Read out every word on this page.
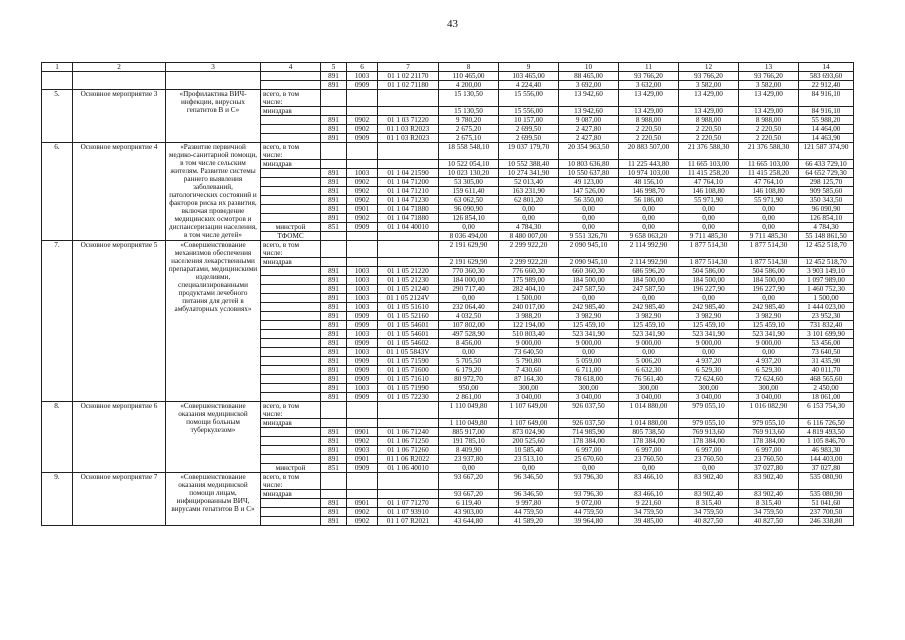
43
1	2	3	4	5	6	7	8	9	10	11	12	13	14
				891	1003	01 1 02 21170	110 465,00	103 465,00	88 465,00	93 766,20	93 766,20	93 766,20	583 693,60
				891	0909	01 1 02 71180	4 200,00	4 224,40	3 692,00	3 632,00	3 582,00	3 582,00	22 912,40
5.	Основное мероприятие 3	«Профилактика ВИЧ-инфекции, вирусных гепатитов В и С»	всего, в том числе:				15 130,50	15 556,00	13 942,60	13 429,00	13 429,00	13 429,00	84 916,10
			минздрав				15 130,50	15 556,00	13 942,60	13 429,00	13 429,00	13 429,00	84 916,10
				891	0902	01 1 03 71220	9 780,20	10 157,00	9 087,00	8 988,00	8 988,00	8 988,00	55 988,20
				891	0902	01 1 03 R2023	2 675,20	2 699,50	2 427,80	2 220,50	2 220,50	2 220,50	14 464,00
				891	0909	01 1 03 R2023	2 675,10	2 699,50	2 427,80	2 220,50	2 220,50	2 220,50	14 463,90
6.	Основное мероприятие 4	«Развитие первичной медико-санитарной помощи, в том числе сельским жителям. Развитие системы раннего выявления заболеваний, патологических состояний и факторов риска их развития, включая проведение медицинских осмотров и диспансеризации населения, в том числе детей»	всего, в том числе:				18 558 548,10	19 037 179,70	20 354 963,50	20 883 507,00	21 376 588,30	21 376 588,30	121 587 374,90
			минздрав				10 522 054,10	10 552 388,40	10 803 636,80	11 225 443,80	11 665 103,00	11 665 103,00	66 433 729,10
				891	1003	01 1 04 21590	10 023 130,20	10 274 341,90	10 550 637,80	10 974 103,00	11 415 258,20	11 415 258,20	64 652 729,30
				891	0902	01 1 04 71200	53 305,00	52 013,40	49 123,00	48 156,10	47 764,10	47 764,10	298 125,70
				891	0902	01 1 04 71210	159 611,40	163 231,90	147 526,00	146 998,70	146 108,80	146 108,80	909 585,60
				891	0902	01 1 04 71230	63 062,50	62 801,20	56 350,00	56 186,00	55 971,90	55 971,90	350 343,50
				891	0901	01 1 04 71880	96 090,90	0,00	0,00	0,00	0,00	0,00	96 090,90
				891	0902	01 1 04 71880	126 854,10	0,00	0,00	0,00	0,00	0,00	126 854,10
			минстрой	851	0909	01 1 04 40010	0,00	4 784,30	0,00	0,00	0,00	0,00	4 784,30
			ТФОМС				8 036 494,00	8 480 007,00	9 551 326,70	9 658 063,20	9 711 485,30	9 711 485,30	55 148 861,50
7.	Основное мероприятие 5	«Совершенствование механизмов обеспечения населения лекарственными препаратами, медицинскими изделиями, специализированными продуктами лечебного питания для детей в амбулаторных условиях»	всего, в том числе:				2 191 629,90	2 299 922,20	2 090 945,10	2 114 992,90	1 877 514,30	1 877 514,30	12 452 518,70
			минздрав				2 191 629,90	2 299 922,20	2 090 945,10	2 114 992,90	1 877 514,30	1 877 514,30	12 452 518,70
				891	1003	01 1 05 21220	770 360,30	776 660,30	660 360,30	686 596,20	504 586,00	504 586,00	3 903 149,10
				891	1003	01 1 05 21230	184 000,00	175 989,00	184 500,00	184 500,00	184 500,00	184 500,00	1 097 989,00
				891	1003	01 1 05 21240	290 717,40	282 404,10	247 587,50	247 587,50	196 227,90	196 227,90	1 460 752,30
				891	1003	01 1 05 2124V	0,00	1 500,00	0,00	0,00	0,00	0,00	1 500,00
				891	1003	01 1 05 51610	232 064,40	240 017,00	242 985,40	242 985,40	242 985,40	242 985,40	1 444 023,00
				891	0909	01 1 05 52160	4 032,50	3 988,20	3 982,90	3 982,90	3 982,90	3 982,90	23 952,30
				891	0909	01 1 05 54601	107 802,00	122 194,00	125 459,10	125 459,10	125 459,10	125 459,10	731 832,40
				891	1003	01 1 05 54601	497 528,90	510 803,40	523 341,90	523 341,90	523 341,90	523 341,90	3 101 699,90
				891	0909	01 1 05 54602	8 456,00	9 000,00	9 000,00	9 000,00	9 000,00	9 000,00	53 456,00
				891	1003	01 1 05 5843V	0,00	73 640,50	0,00	0,00	0,00	0,00	73 640,50
				891	0909	01 1 05 71590	5 705,50	5 790,80	5 059,00	5 006,20	4 937,20	4 937,20	31 435,90
				891	0909	01 1 05 71600	6 179,20	7 430,60	6 711,00	6 632,30	6 529,30	6 529,30	40 011,70
				891	0909	01 1 05 71610	80 972,70	87 164,30	78 618,00	76 561,40	72 624,60	72 624,60	468 565,60
				891	1003	01 1 05 71990	950,00	300,00	300,00	300,00	300,00	300,00	2 450,00
				891	0909	01 1 05 72230	2 861,00	3 040,00	3 040,00	3 040,00	3 040,00	3 040,00	18 061,00
8.	Основное мероприятие 6	«Совершенствование оказания медицинской помощи больным туберкулезом»	всего, в том числе:				1 110 049,80	1 107 649,00	926 037,50	1 014 880,00	979 055,10	1 016 082,90	6 153 754,30
			минздрав				1 110 049,80	1 107 649,00	926 037,50	1 014 880,00	979 055,10	979 055,10	6 116 726,50
				891	0901	01 1 06 71240	885 917,00	873 024,90	714 985,90	805 738,50	769 913,60	769 913,60	4 819 493,50
				891	0902	01 1 06 71250	191 785,10	200 525,60	178 384,00	178 384,00	178 384,00	178 384,00	1 105 846,70
				891	0903	01 1 06 71260	8 409,90	10 585,40	6 997,00	6 997,00	6 997,00	6 997,00	46 983,30
				891	0901	01 1 06 R2022	23 937,80	23 513,10	25 670,60	23 760,50	23 760,50	23 760,50	144 403,00
			минстрой	851	0909	01 1 06 40010	0,00	0,00	0,00	0,00	0,00	37 027,80	37 027,80
9.	Основное мероприятие 7	«Совершенствование оказания медицинской помощи лицам, инфицированным ВИЧ, вирусами гепатитов В и С»	всего, в том числе:				93 667,20	96 346,50	93 796,30	83 466,10	83 902,40	83 902,40	535 080,90
			минздрав				93 667,20	96 346,50	93 796,30	83 466,10	83 902,40	83 902,40	535 080,90
				891	0901	01 1 07 71270	6 119,40	9 997,80	9 072,00	9 221,60	8 315,40	8 315,40	51 041,60
				891	0902	01 1 07 93910	43 903,00	44 759,50	44 759,50	34 759,50	34 759,50	34 759,50	237 700,50
				891	0902	01 1 07 R2021	43 644,80	41 589,20	39 964,80	39 485,00	40 827,50	40 827,50	246 338,80
